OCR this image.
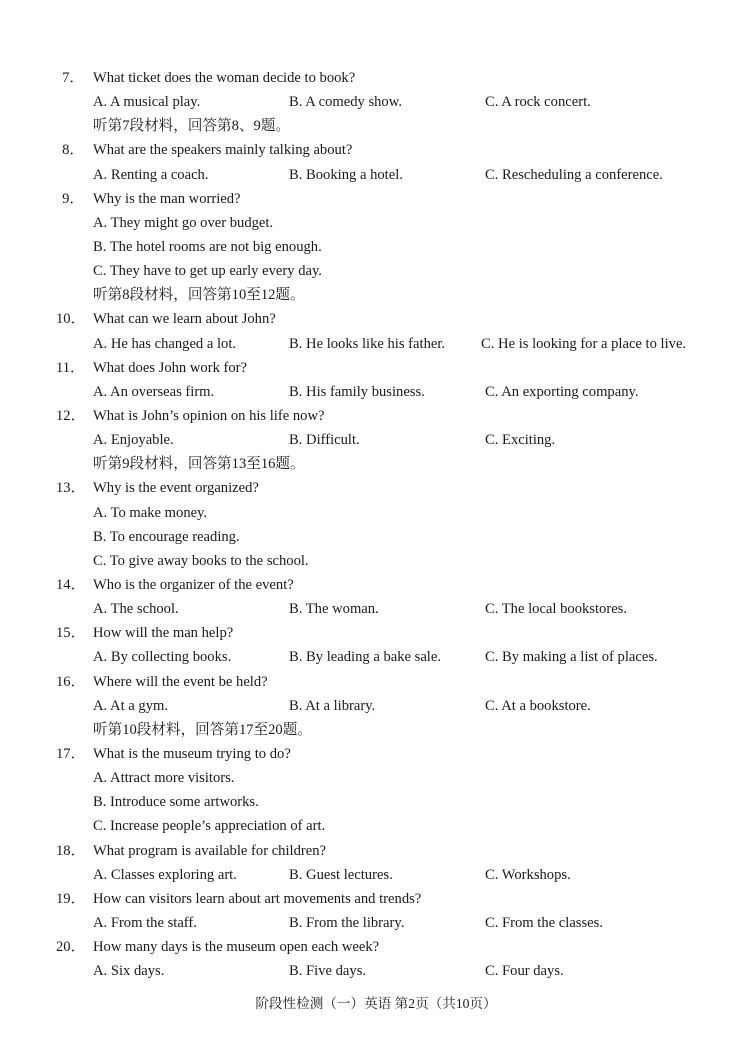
7． What ticket does the woman decide to book?
A. A musical play.	B. A comedy show.	C. A rock concert.
听第7段材料，回答第8、9题。
8． What are the speakers mainly talking about?
A. Renting a coach.	B. Booking a hotel.	C. Rescheduling a conference.
9． Why is the man worried?
A. They might go over budget.
B. The hotel rooms are not big enough.
C. They have to get up early every day.
听第8段材料，回答第10至12题。
10． What can we learn about John?
A. He has changed a lot.	B. He looks like his father. C. He is looking for a place to live.
11． What does John work for?
A. An overseas firm.	B. His family business.	C. An exporting company.
12． What is John’s opinion on his life now?
A. Enjoyable.	B. Difficult.	C. Exciting.
听第9段材料，回答第13至16题。
13． Why is the event organized?
A. To make money.
B. To encourage reading.
C. To give away books to the school.
14． Who is the organizer of the event?
A. The school.	B. The woman.	C. The local bookstores.
15． How will the man help?
A. By collecting books.	B. By leading a bake sale.	C. By making a list of places.
16． Where will the event be held?
A. At a gym.	B. At a library.	C. At a bookstore.
听第10段材料，回答第17至20题。
17． What is the museum trying to do?
A. Attract more visitors.
B. Introduce some artworks.
C. Increase people’s appreciation of art.
18． What program is available for children?
A. Classes exploring art.	B. Guest lectures.	C. Workshops.
19． How can visitors learn about art movements and trends?
A. From the staff.	B. From the library.	C. From the classes.
20． How many days is the museum open each week?
A. Six days.	B. Five days.	C. Four days.
阶段性检测（一）英语 第2页（共10页）
